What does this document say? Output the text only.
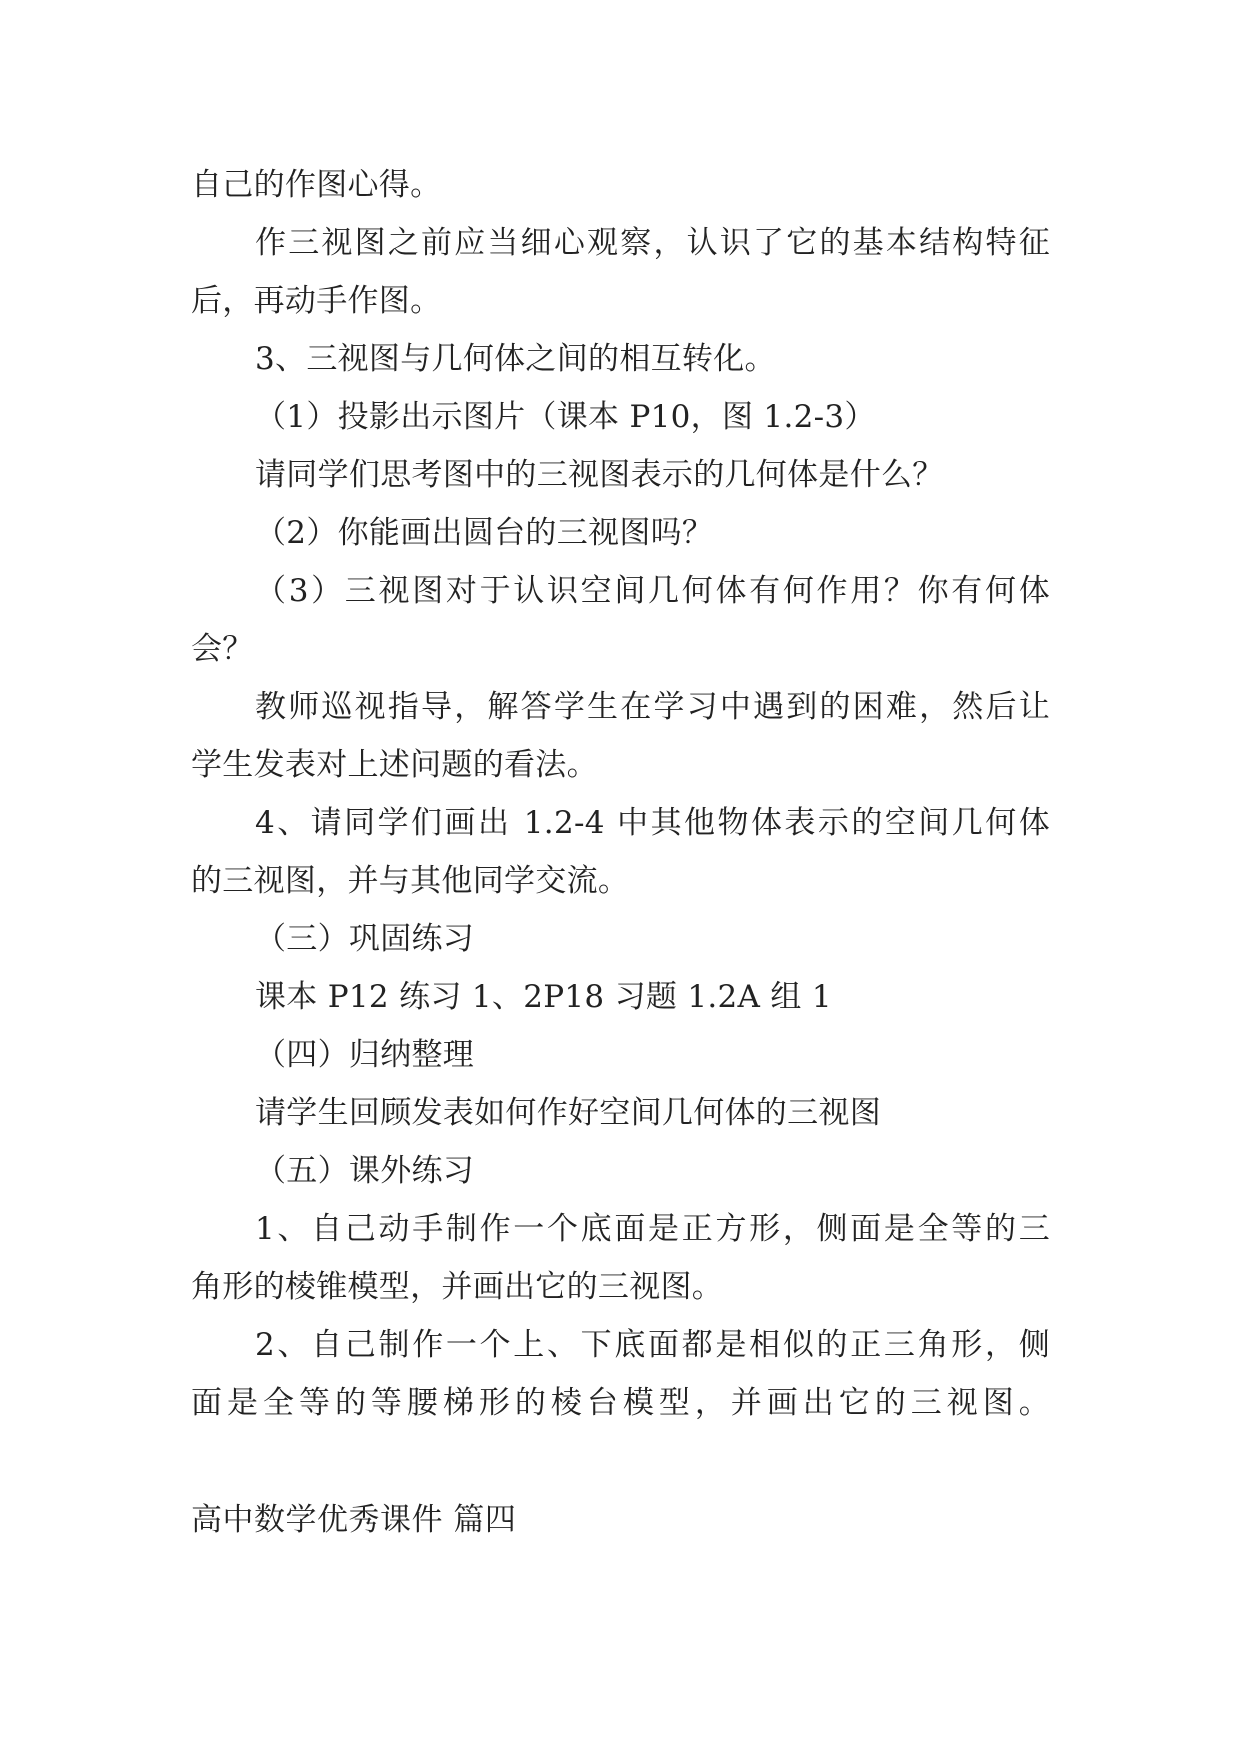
自己的作图心得。
作三视图之前应当细心观察，认识了它的基本结构特征
后，再动手作图。
3、三视图与几何体之间的相互转化。
（1）投影出示图片（课本 P10，图 1.2-3）
请同学们思考图中的三视图表示的几何体是什么？
（2）你能画出圆台的三视图吗？
（3）三视图对于认识空间几何体有何作用？你有何体
会？
教师巡视指导，解答学生在学习中遇到的困难，然后让
学生发表对上述问题的看法。
4、请同学们画出 1.2-4 中其他物体表示的空间几何体
的三视图，并与其他同学交流。
（三）巩固练习
课本 P12 练习 1、2P18 习题 1.2A 组 1
（四）归纳整理
请学生回顾发表如何作好空间几何体的三视图
（五）课外练习
1、自己动手制作一个底面是正方形，侧面是全等的三
角形的棱锥模型，并画出它的三视图。
2、自己制作一个上、下底面都是相似的正三角形，侧
面是全等的等腰梯形的棱台模型，并画出它的三视图。
高中数学优秀课件 篇四
